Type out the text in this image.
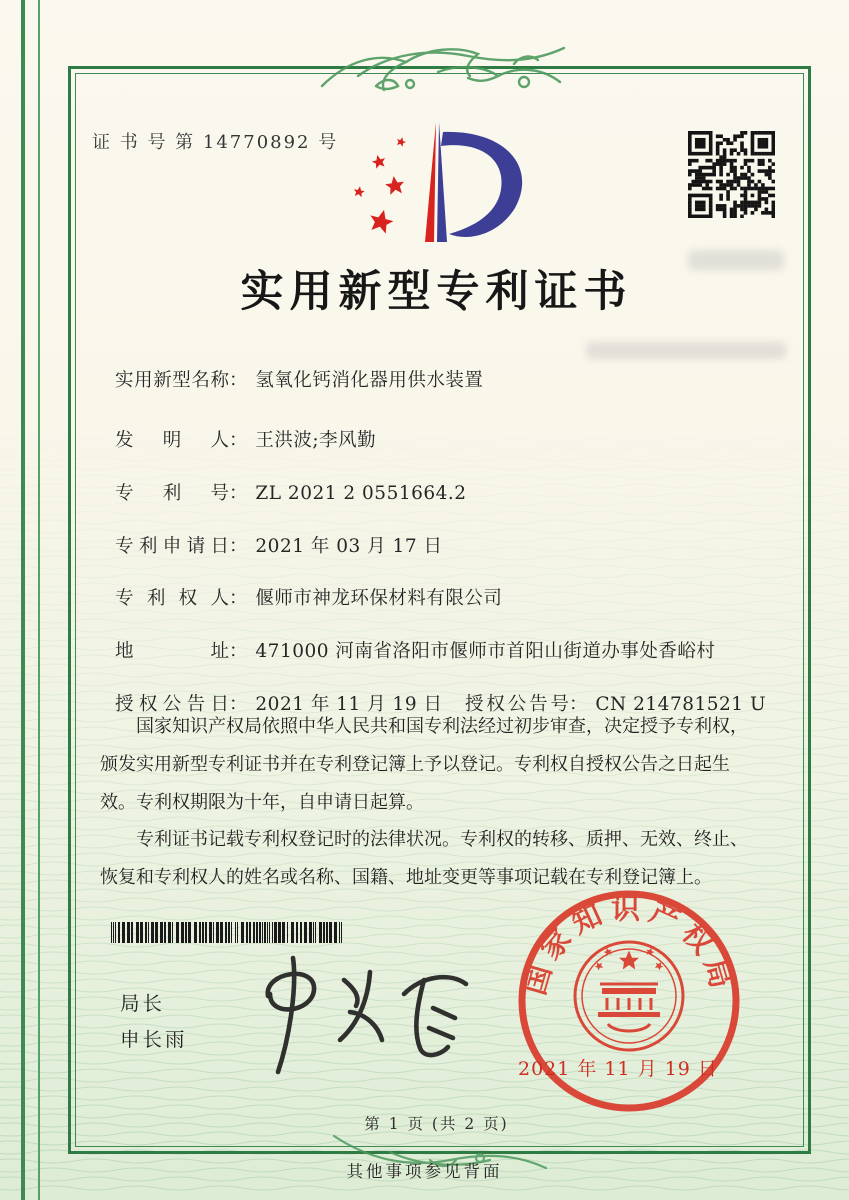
证 书 号 第 14770892 号
实用新型专利证书
实用新型名称： 氢氧化钙消化器用供水装置
发明人： 王洪波;李风勤
专利号： ZL 2021 2 0551664.2
专利申请日： 2021 年 03 月 17 日
专利权人： 偃师市神龙环保材料有限公司
地址： 471000 河南省洛阳市偃师市首阳山街道办事处香峪村
授权公告日： 2021 年 11 月 19 日 授权公告号： CN 214781521 U

国家知识产权局依照中华人民共和国专利法经过初步审查，决定授予专利权，颁发实用新型专利证书并在专利登记簿上予以登记。专利权自授权公告之日起生效。专利权期限为十年，自申请日起算。

专利证书记载专利权登记时的法律状况。专利权的转移、质押、无效、终止、恢复和专利权人的姓名或名称、国籍、地址变更等事项记载在专利登记簿上。

局长
申长雨
国家知识产权局
2021 年 11 月 19 日
第 1 页 (共 2 页)
其他事项参见背面
